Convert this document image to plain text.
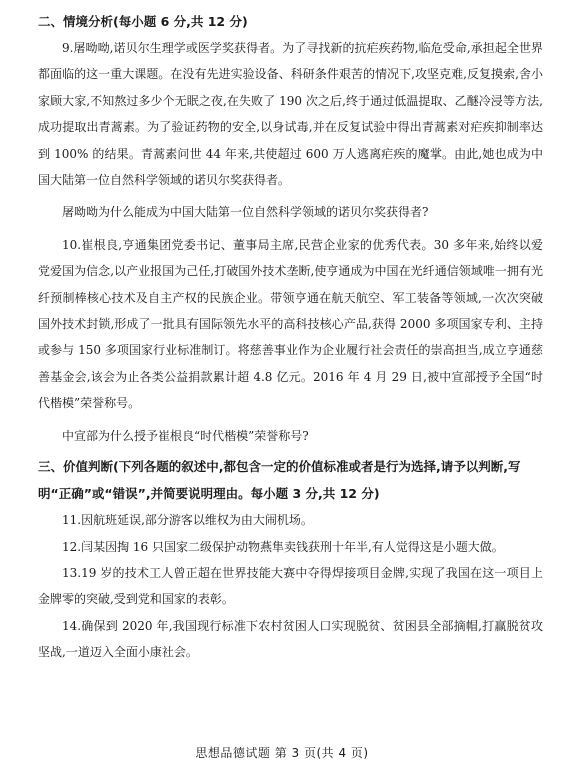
二、情境分析(每小题 6 分,共 12 分)

9.屠呦呦,诺贝尔生理学或医学奖获得者。为了寻找新的抗疟疾药物,临危受命,承担起全世界都面临的这一重大课题。在没有先进实验设备、科研条件艰苦的情况下,攻坚克难,反复摸索,舍小家顾大家,不知熬过多少个无眠之夜,在失败了 190 次之后,终于通过低温提取、乙醚冷浸等方法,成功提取出青蒿素。为了验证药物的安全,以身试毒,并在反复试验中得出青蒿素对疟疾抑制率达到 100% 的结果。青蒿素问世 44 年来,共使超过 600 万人逃离疟疾的魔掌。由此,她也成为中国大陆第一位自然科学领域的诺贝尔奖获得者。

屠呦呦为什么能成为中国大陆第一位自然科学领域的诺贝尔奖获得者?

10.崔根良,亨通集团党委书记、董事局主席,民营企业家的优秀代表。30 多年来,始终以爱党爱国为信念,以产业报国为己任,打破国外技术垄断,使亨通成为中国在光纤通信领域唯一拥有光纤预制棒核心技术及自主产权的民族企业。带领亨通在航天航空、军工装备等领域,一次次突破国外技术封锁,形成了一批具有国际领先水平的高科技核心产品,获得 2000 多项国家专利、主持或参与 150 多项国家行业标准制订。将慈善事业作为企业履行社会责任的崇高担当,成立亨通慈善基金会,该会为止各类公益捐款累计超 4.8 亿元。2016 年 4 月 29 日,被中宣部授予全国“时代楷模”荣誉称号。

中宣部为什么授予崔根良“时代楷模”荣誉称号?

三、价值判断(下列各题的叙述中,都包含一定的价值标准或者是行为选择,请予以判断,写明“正确”或“错误”,并简要说明理由。每小题 3 分,共 12 分)

11.因航班延误,部分游客以维权为由大闹机场。

12.闫某因掏 16 只国家二级保护动物燕隼卖钱获刑十年半,有人觉得这是小题大做。

13.19 岁的技术工人曾正超在世界技能大赛中夺得焊接项目金牌,实现了我国在这一项目上金牌零的突破,受到党和国家的表彰。

14.确保到 2020 年,我国现行标准下农村贫困人口实现脱贫、贫困县全部摘帽,打赢脱贫攻坚战,一道迈入全面小康社会。

思想品德试题 第 3 页(共 4 页)
